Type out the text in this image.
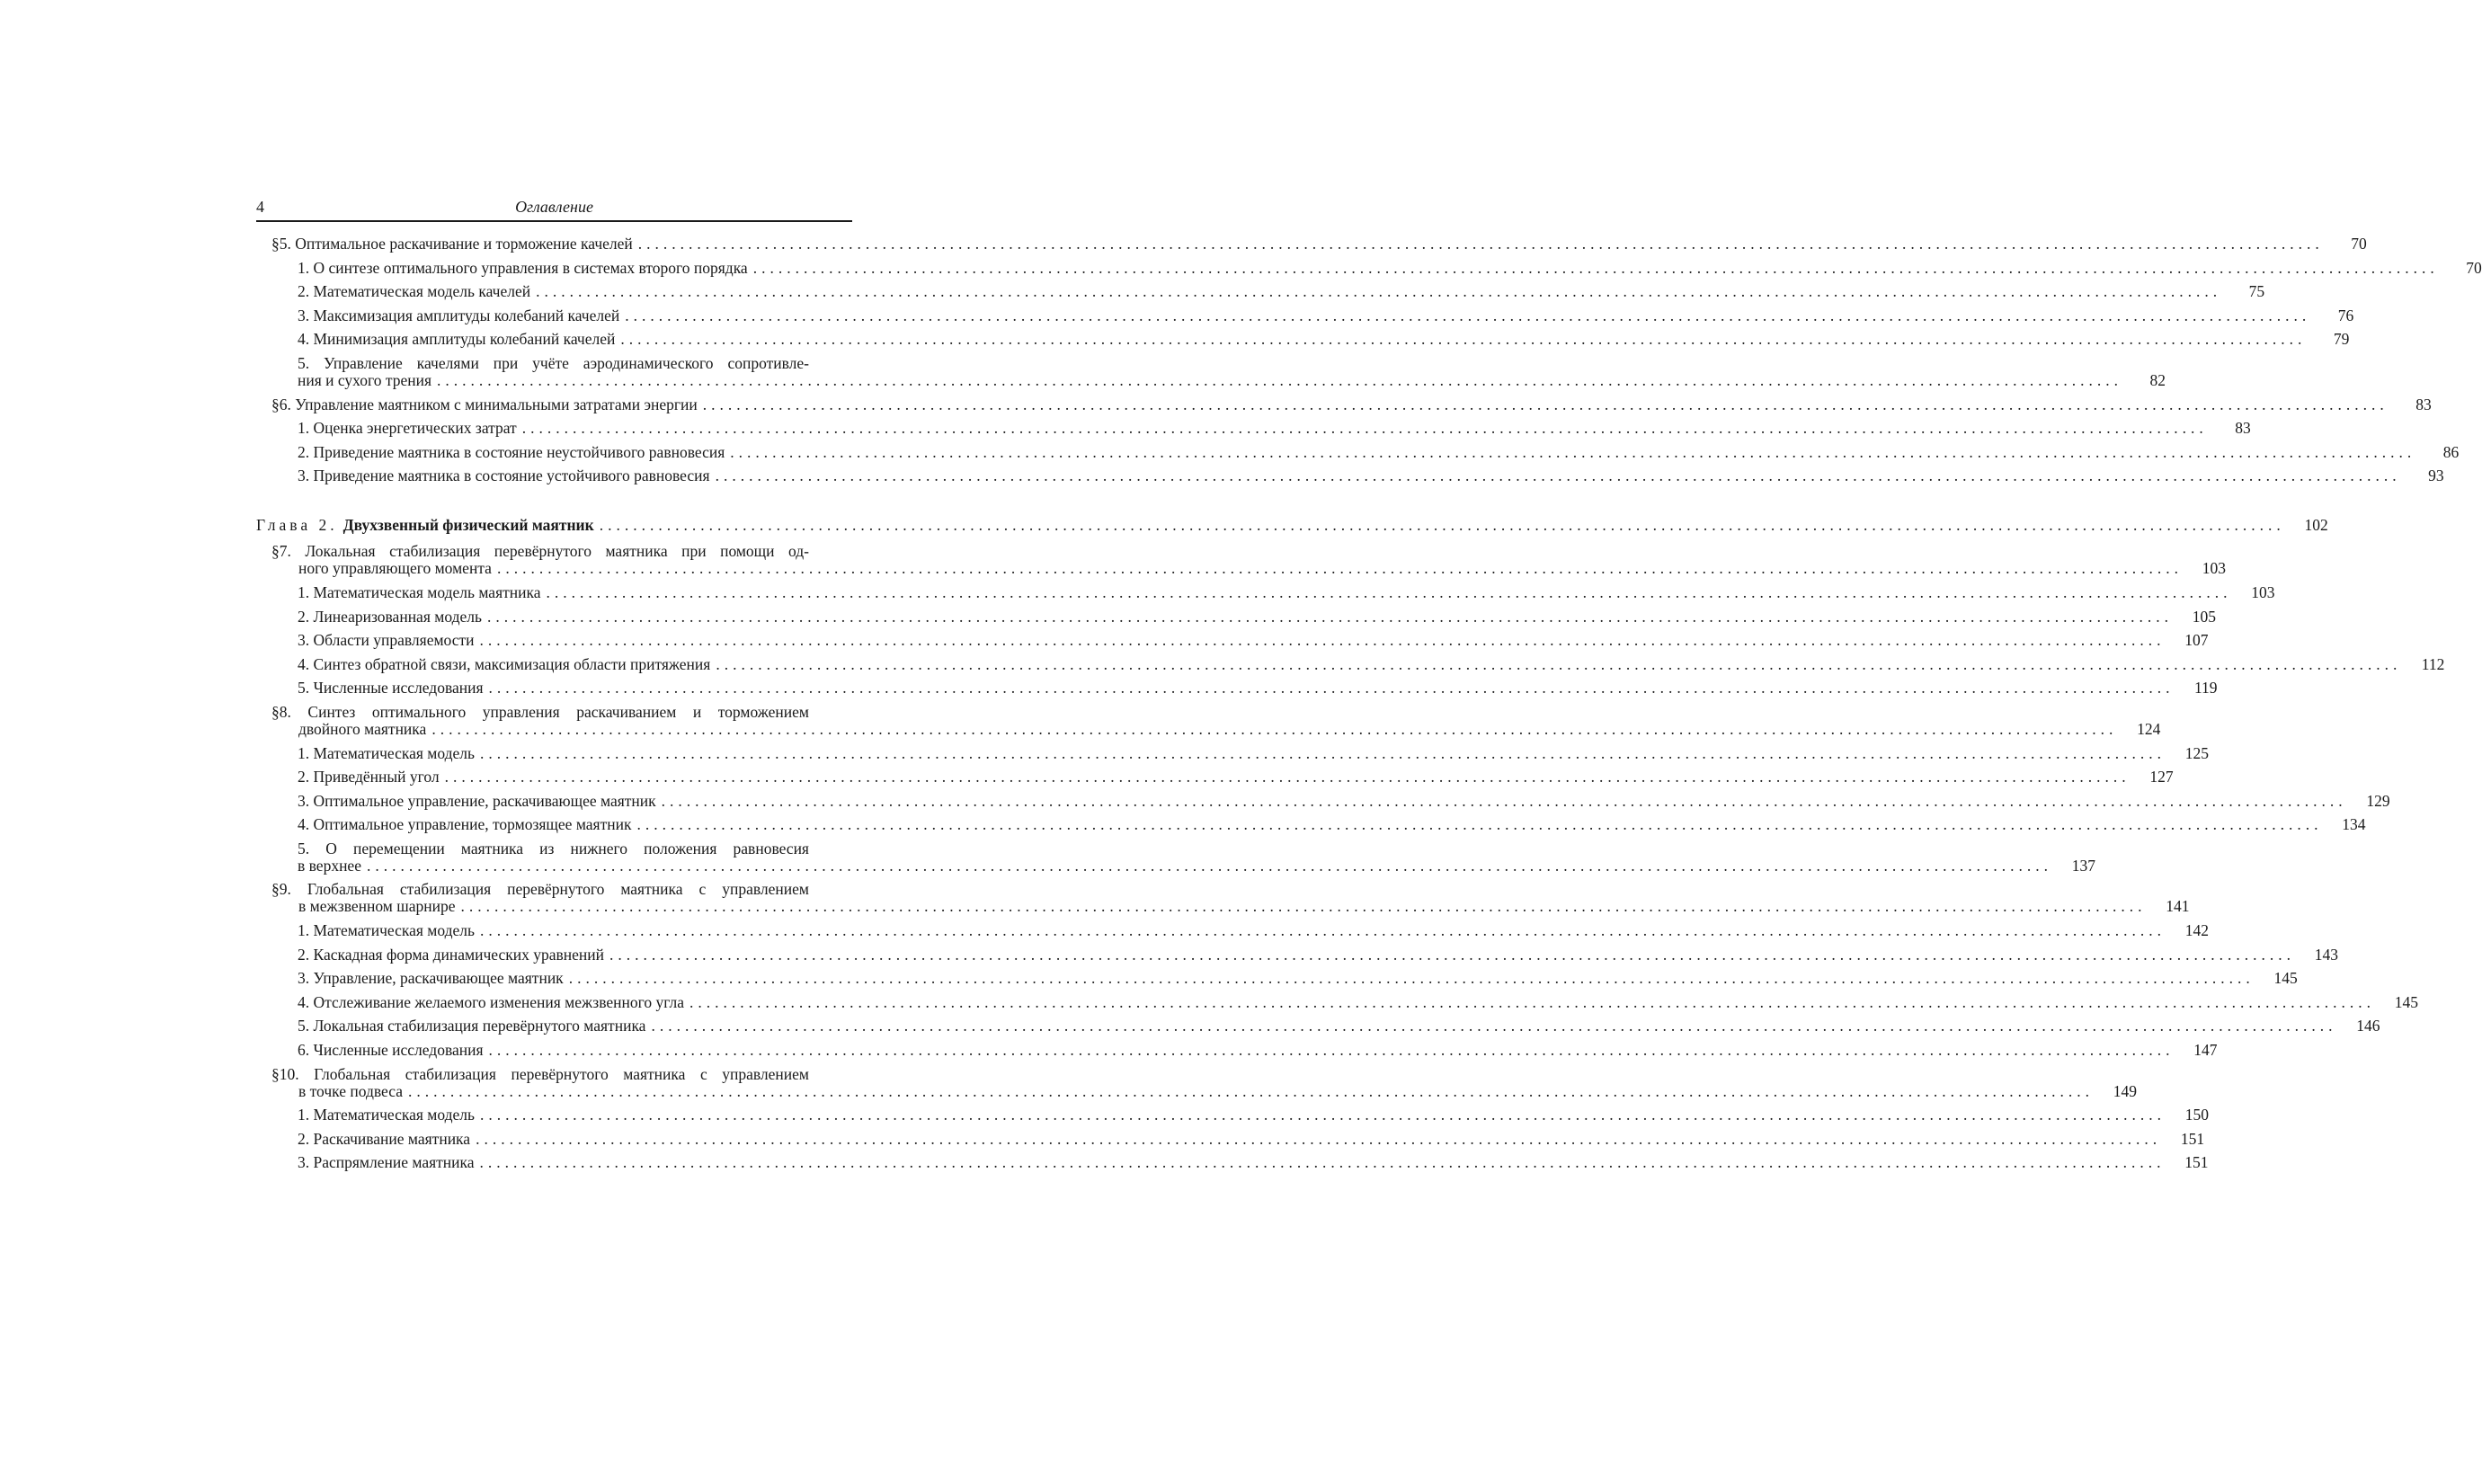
4	Оглавление
§5. Оптимальное раскачивание и торможение качелей ........................................................................................................................................................................................................	70
1. О синтезе оптимального управления в системах второго порядка ........................................................................................................................................................................................................	70
2. Математическая модель качелей ........................................................................................................................................................................................................	75
3. Максимизация амплитуды колебаний качелей ........................................................................................................................................................................................................	76
4. Минимизация амплитуды колебаний качелей ........................................................................................................................................................................................................	79
5. Управление качелями при учёте аэродинамического сопротивле-
ния и сухого трения ........................................................................................................................................................................................................	82
§6. Управление маятником с минимальными затратами энергии ........................................................................................................................................................................................................	83
1. Оценка энергетических затрат ........................................................................................................................................................................................................	83
2. Приведение маятника в состояние неустойчивого равновесия ........................................................................................................................................................................................................	86
3. Приведение маятника в состояние устойчивого равновесия ........................................................................................................................................................................................................	93
Глава 2. Двухзвенный физический маятник ........................................................................................................................................................................................................ 102
§7. Локальная стабилизация перевёрнутого маятника при помощи од-
ного управляющего момента ........................................................................................................................................................................................................ 103
1. Математическая модель маятника ........................................................................................................................................................................................................ 103
2. Линеаризованная модель ........................................................................................................................................................................................................ 105
3. Области управляемости ........................................................................................................................................................................................................ 107
4. Синтез обратной связи, максимизация области притяжения ........................................................................................................................................................................................................ 112
5. Численные исследования ........................................................................................................................................................................................................ 119
§8. Синтез оптимального управления раскачиванием и торможением
двойного маятника ........................................................................................................................................................................................................ 124
1. Математическая модель ........................................................................................................................................................................................................ 125
2. Приведённый угол ........................................................................................................................................................................................................ 127
3. Оптимальное управление, раскачивающее маятник ........................................................................................................................................................................................................ 129
4. Оптимальное управление, тормозящее маятник ........................................................................................................................................................................................................ 134
5. О перемещении маятника из нижнего положения равновесия
в верхнее ........................................................................................................................................................................................................ 137
§9. Глобальная стабилизация перевёрнутого маятника с управлением
в межзвенном шарнире ........................................................................................................................................................................................................ 141
1. Математическая модель ........................................................................................................................................................................................................ 142
2. Каскадная форма динамических уравнений ........................................................................................................................................................................................................ 143
3. Управление, раскачивающее маятник ........................................................................................................................................................................................................ 145
4. Отслеживание желаемого изменения межзвенного угла ........................................................................................................................................................................................................ 145
5. Локальная стабилизация перевёрнутого маятника ........................................................................................................................................................................................................ 146
6. Численные исследования ........................................................................................................................................................................................................ 147
§10. Глобальная стабилизация перевёрнутого маятника с управлением
в точке подвеса ........................................................................................................................................................................................................ 149
1. Математическая модель ........................................................................................................................................................................................................ 150
2. Раскачивание маятника ........................................................................................................................................................................................................ 151
3. Распрямление маятника ........................................................................................................................................................................................................ 151
